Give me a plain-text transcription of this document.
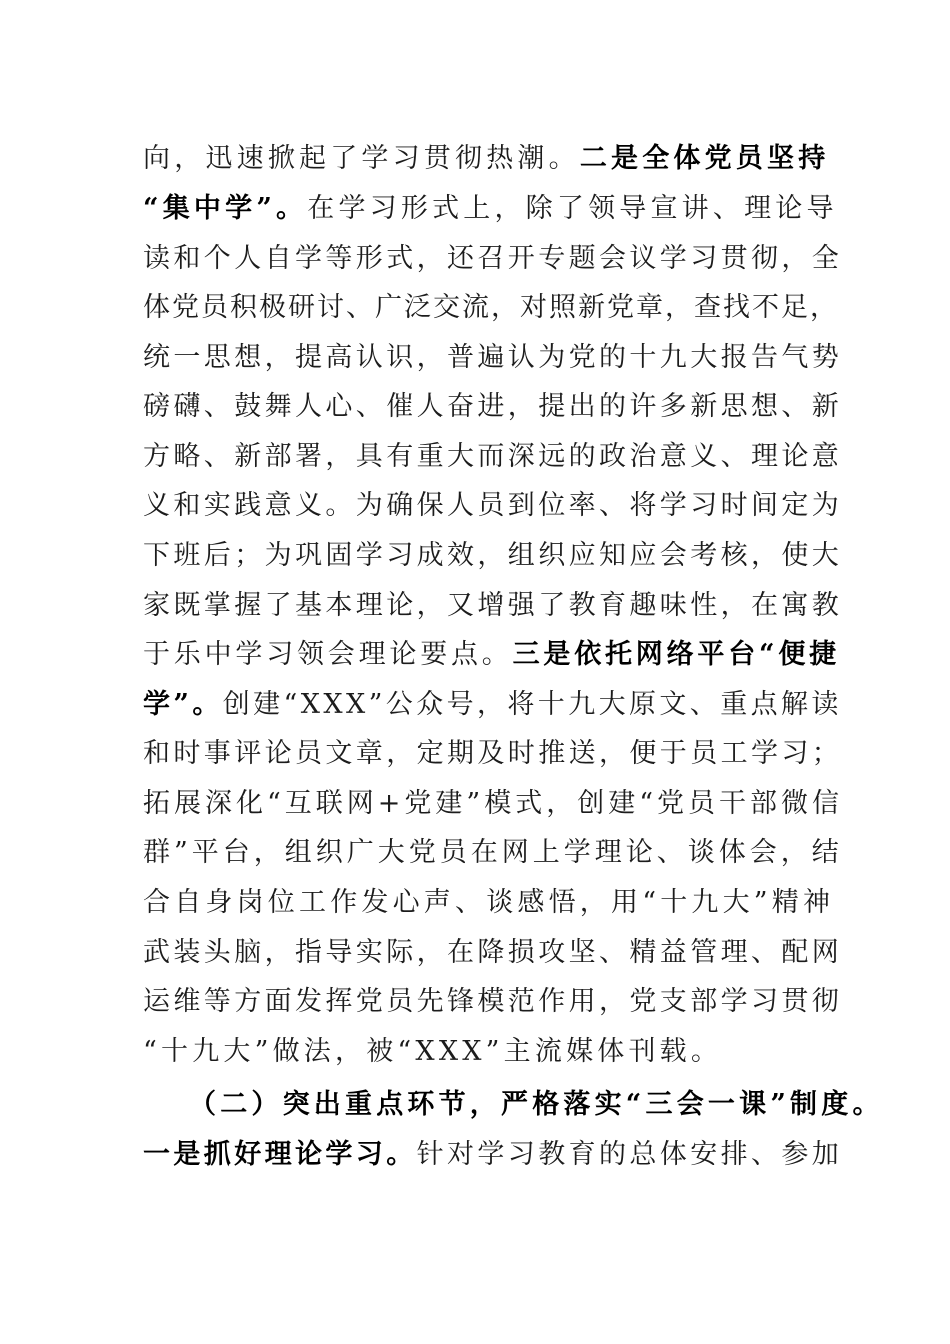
向，迅速掀起了学习贯彻热潮。二是全体党员坚持
“集中学”。在学习形式上，除了领导宣讲、理论导
读和个人自学等形式，还召开专题会议学习贯彻，全
体党员积极研讨、广泛交流，对照新党章，查找不足，
统一思想，提高认识，普遍认为党的十九大报告气势
磅礴、鼓舞人心、催人奋进，提出的许多新思想、新
方略、新部署，具有重大而深远的政治意义、理论意
义和实践意义。为确保人员到位率、将学习时间定为
下班后；为巩固学习成效，组织应知应会考核，使大
家既掌握了基本理论，又增强了教育趣味性，在寓教
于乐中学习领会理论要点。三是依托网络平台“便捷
学”。创建“XXX”公众号，将十九大原文、重点解读
和时事评论员文章，定期及时推送，便于员工学习；
拓展深化“互联网+党建”模式，创建“党员干部微信
群”平台，组织广大党员在网上学理论、谈体会，结
合自身岗位工作发心声、谈感悟，用“十九大”精神
武装头脑，指导实际，在降损攻坚、精益管理、配网
运维等方面发挥党员先锋模范作用，党支部学习贯彻
“十九大”做法，被“XXX”主流媒体刊载。
（二）突出重点环节，严格落实“三会一课”制度。
一是抓好理论学习。针对学习教育的总体安排、参加
